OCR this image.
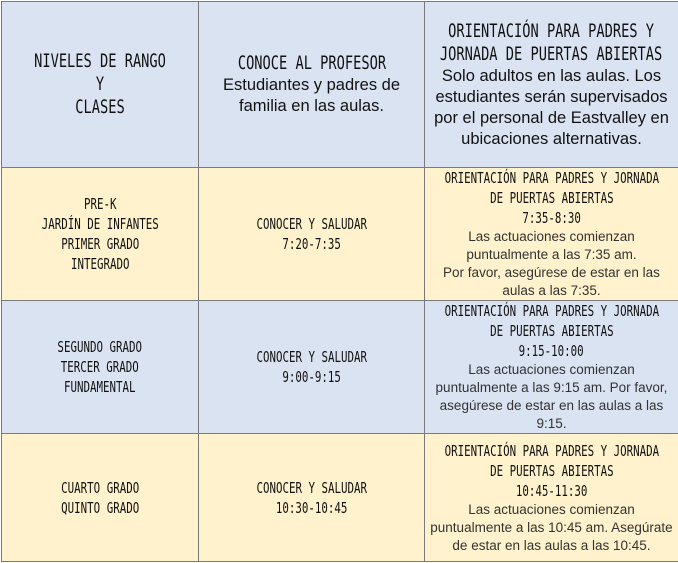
NIVELES DE RANGO Y
CLASES	CONOCE AL PROFESOR
Estudiantes y padres de familia en las aulas.	ORIENTACIÓN PARA PADRES Y
JORNADA DE PUERTAS ABIERTAS
Solo adultos en las aulas. Los estudiantes serán supervisados por el personal de Eastvalley en ubicaciones alternativas.

PRE-K
JARDÍN DE INFANTES
PRIMER GRADO
INTEGRADO	CONOCER Y SALUDAR
7:20-7:35	ORIENTACIÓN PARA PADRES Y JORNADA
DE PUERTAS ABIERTAS
7:35-8:30
Las actuaciones comienzan puntualmente a las 7:35 am.
Por favor, asegúrese de estar en las aulas a las 7:35.

SEGUNDO GRADO
TERCER GRADO
FUNDAMENTAL	CONOCER Y SALUDAR
9:00-9:15	ORIENTACIÓN PARA PADRES Y JORNADA
DE PUERTAS ABIERTAS
9:15-10:00
Las actuaciones comienzan puntualmente a las 9:15 am. Por favor, asegúrese de estar en las aulas a las 9:15.

CUARTO GRADO
QUINTO GRADO	CONOCER Y SALUDAR
10:30-10:45	ORIENTACIÓN PARA PADRES Y JORNADA
DE PUERTAS ABIERTAS
10:45-11:30
Las actuaciones comienzan puntualmente a las 10:45 am. Asegúrate de estar en las aulas a las 10:45.
